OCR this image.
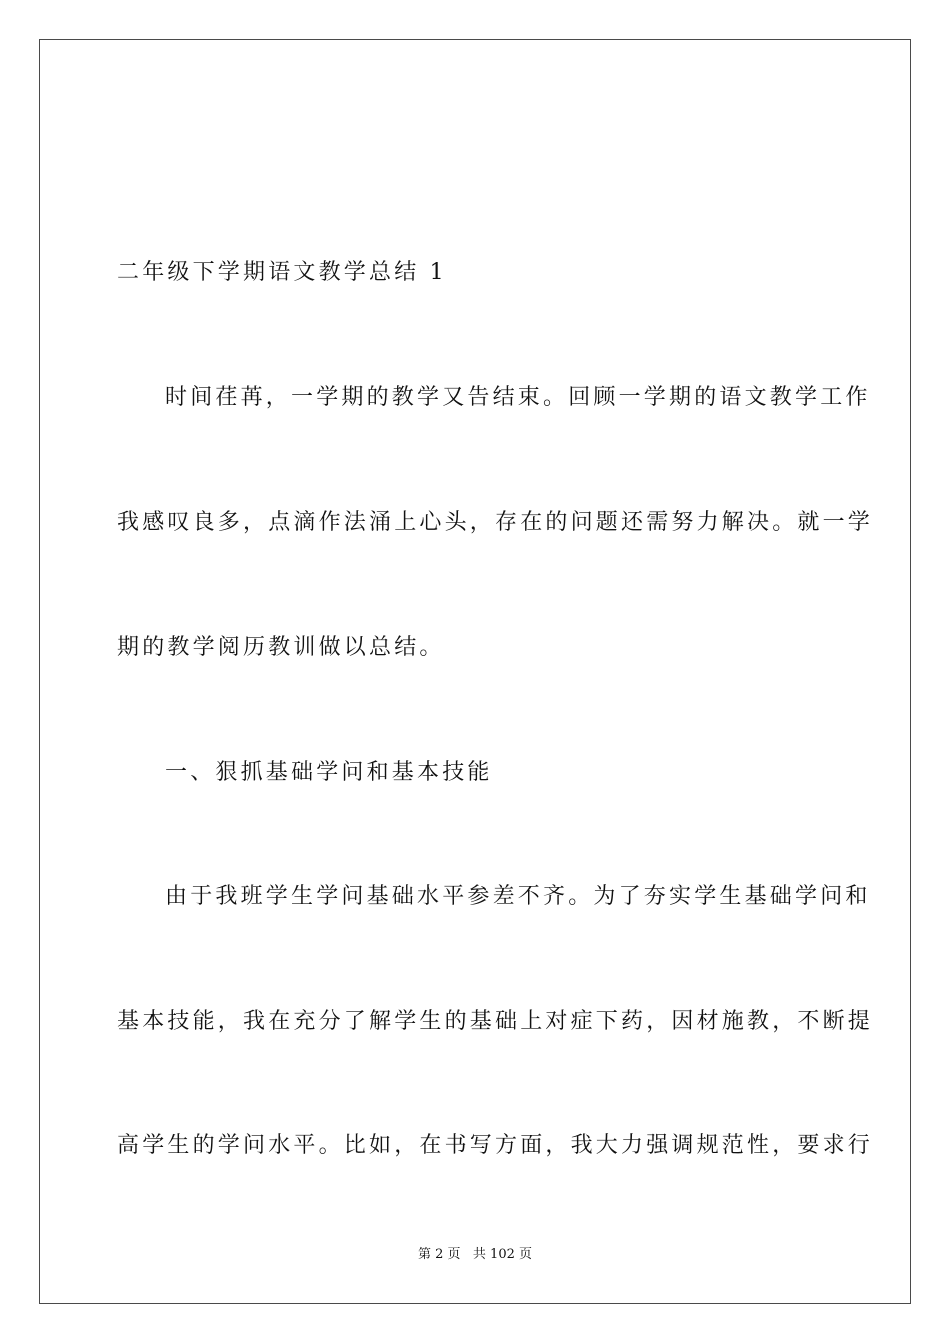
二年级下学期语文教学总结 1
时间荏苒，一学期的教学又告结束。回顾一学期的语文教学工作
我感叹良多，点滴作法涌上心头，存在的问题还需努力解决。就一学
期的教学阅历教训做以总结。
一、狠抓基础学问和基本技能
由于我班学生学问基础水平参差不齐。为了夯实学生基础学问和
基本技能，我在充分了解学生的基础上对症下药，因材施教，不断提
高学生的学问水平。比如，在书写方面，我大力强调规范性，要求行
第 2 页   共 102 页
